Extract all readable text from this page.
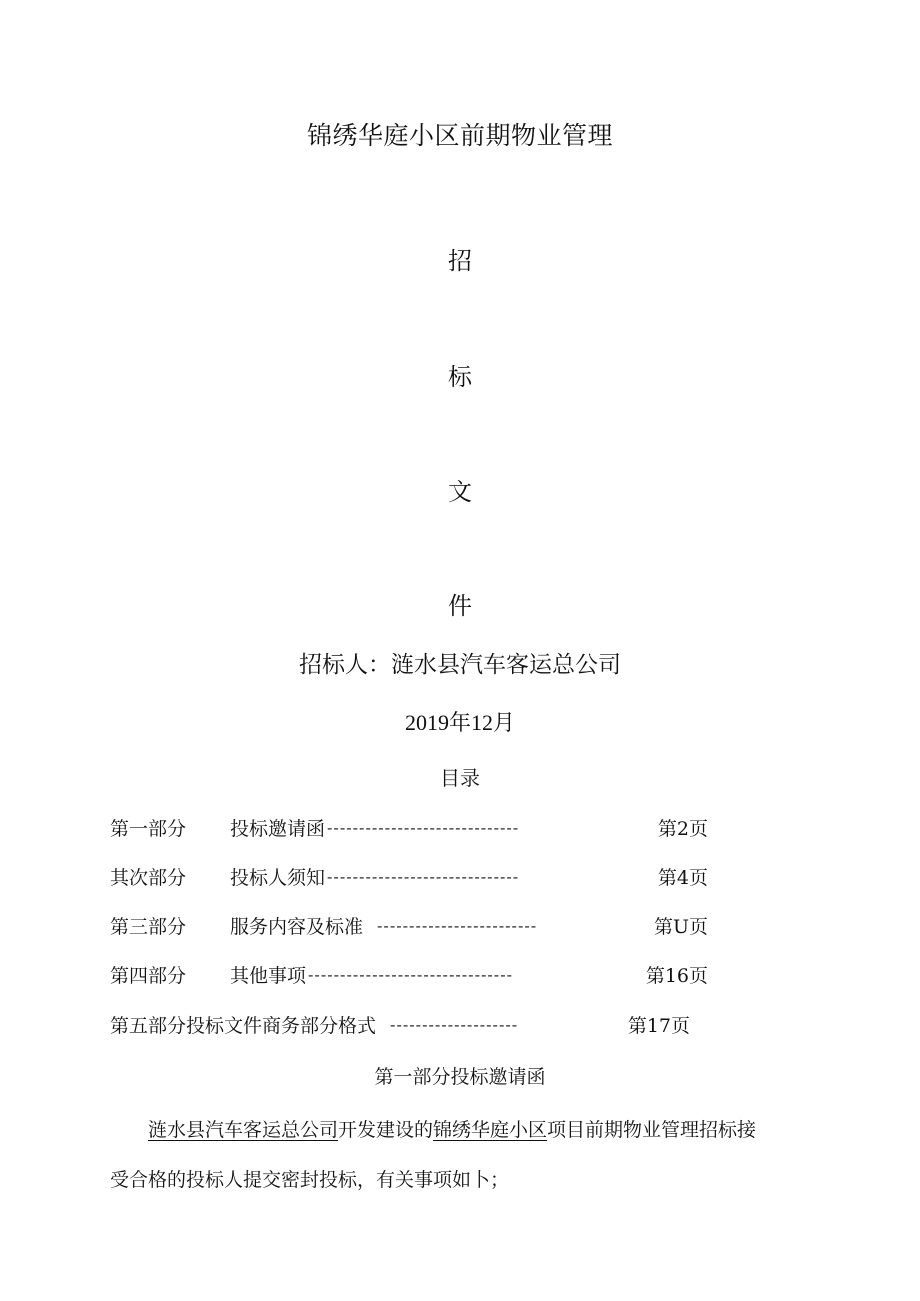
锦绣华庭小区前期物业管理
招
标
文
件
招标人：涟水县汽车客运总公司
2019年12月
目录
第一部分	投标邀请函 ------------------------------	第2页
其次部分	投标人须知 ------------------------------	第4页
第三部分	服务内容及标准 -------------------------	第U页
第四部分	其他事项 --------------------------------	第16页
第五部分 投标文件商务部分格式 --------------------	第17页
第一部分投标邀请函
涟水县汽车客运总公司开发建设的锦绣华庭小区项目前期物业管理招标接受合格的投标人提交密封投标，有关事项如卜；
